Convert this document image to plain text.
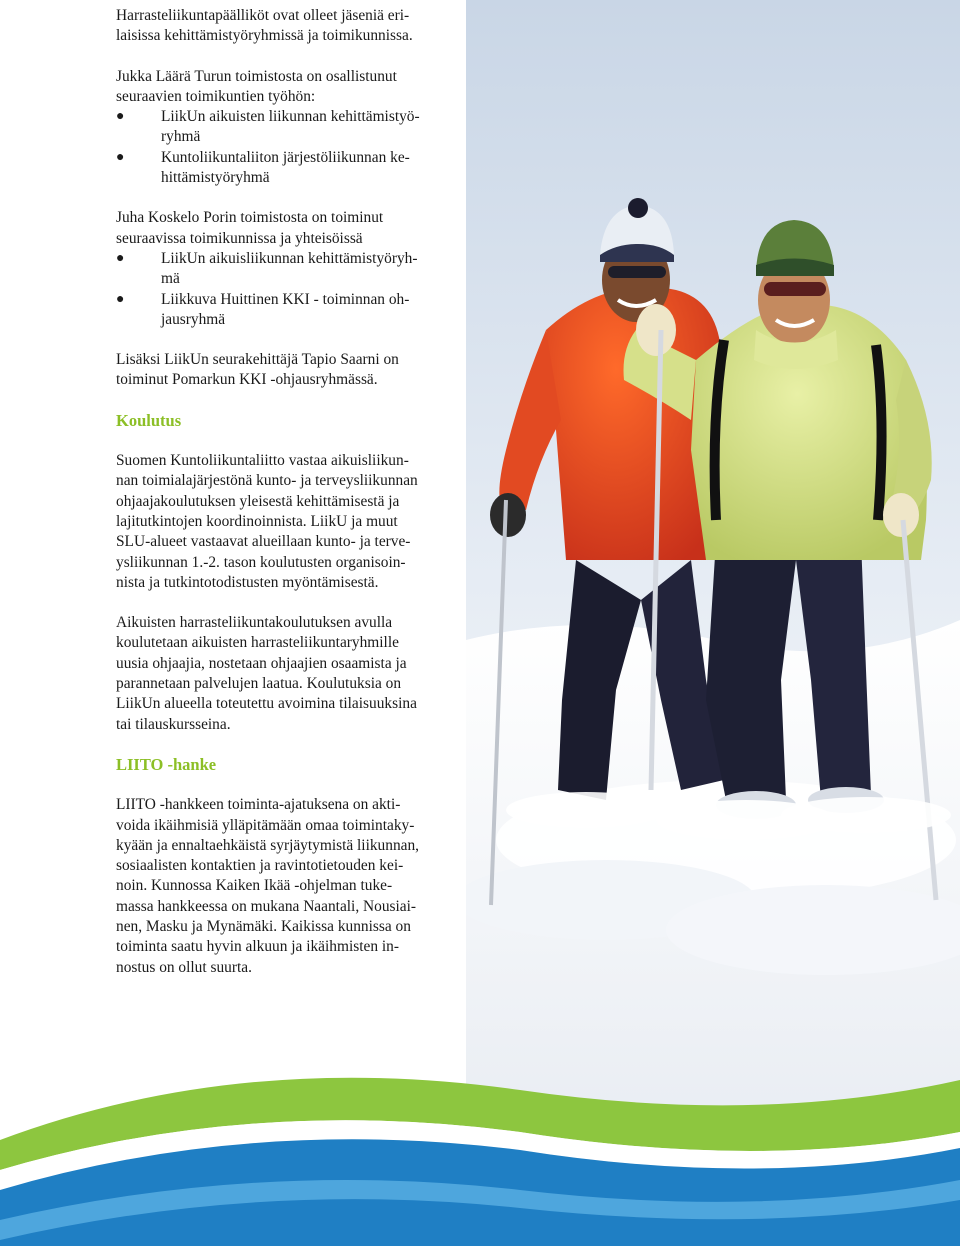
Harrasteliikuntapäälliköt ovat olleet jäseniä eri-
laisissa kehittämistyöryhmissä ja toimikunnissa.

Jukka Läärä Turun toimistosta on osallistunut
seuraavien toimikuntien työhön:

● LiikUn aikuisten liikunnan kehittämistyö-
ryhmä
● Kuntoliikuntaliiton järjestöliikunnan ke-
hittämistyöryhmä

Juha Koskelo Porin toimistosta on toiminut
seuraavissa toimikunnissa ja yhteisöissä

● LiikUn aikuisliikunnan kehittämistyöryh-
mä
● Liikkuva Huittinen KKI - toiminnan oh-
jausryhmä

Lisäksi LiikUn seurakehittäjä Tapio Saarni on
toiminut Pomarkun KKI -ohjausryhmässä.

Koulutus

Suomen Kuntoliikuntaliitto vastaa aikuisliikun-
nan toimialajärjestönä kunto- ja terveysliikunnan
ohjaajakoulutuksen yleisestä kehittämisestä ja
lajitutkintojen koordinoinnista. LiikU ja muut
SLU-alueet vastaavat alueillaan kunto- ja terve-
ysliikunnan 1.-2. tason koulutusten organisoin-
nista ja tutkintotodistusten myöntämisestä.

Aikuisten harrasteliikuntakoulutuksen avulla
koulutetaan aikuisten harrasteliikuntaryhmille
uusia ohjaajia, nostetaan ohjaajien osaamista ja
parannetaan palvelujen laatua. Koulutuksia on
LiikUn alueella toteutettu avoimina tilaisuuksina
tai tilauskursseina.

LIITO -hanke

LIITO -hankkeen toiminta-ajatuksena on akti-
voida ikäihmisiä ylläpitämään omaa toimintaky-
kyään ja ennaltaehkäistä syrjäytymistä liikunnan,
sosiaalisten kontaktien ja ravintotietouden kei-
noin. Kunnossa Kaiken Ikää -ohjelman tuke-
massa hankkeessa on mukana Naantali, Nousiai-
nen, Masku ja Mynämäki. Kaikissa kunnissa on
toiminta saatu hyvin alkuun ja ikäihmisten in-
nostus on ollut suurta.
